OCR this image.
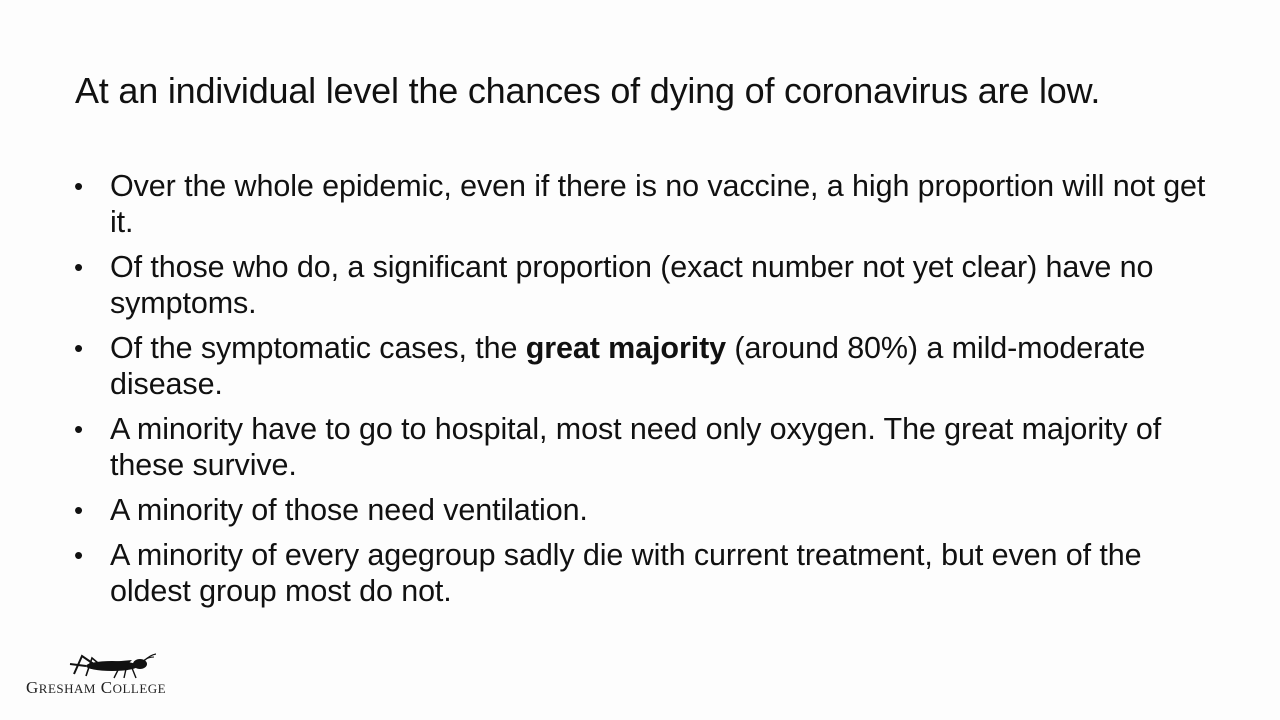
At an individual level the chances of dying of coronavirus are low.
• Over the whole epidemic, even if there is no vaccine, a high proportion will not get it.
• Of those who do, a significant proportion (exact number not yet clear) have no symptoms.
• Of the symptomatic cases, the great majority (around 80%) a mild-moderate disease.
• A minority have to go to hospital, most need only oxygen. The great majority of these survive.
• A minority of those need ventilation.
• A minority of every agegroup sadly die with current treatment, but even of the oldest group most do not.
GRESHAM COLLEGE
